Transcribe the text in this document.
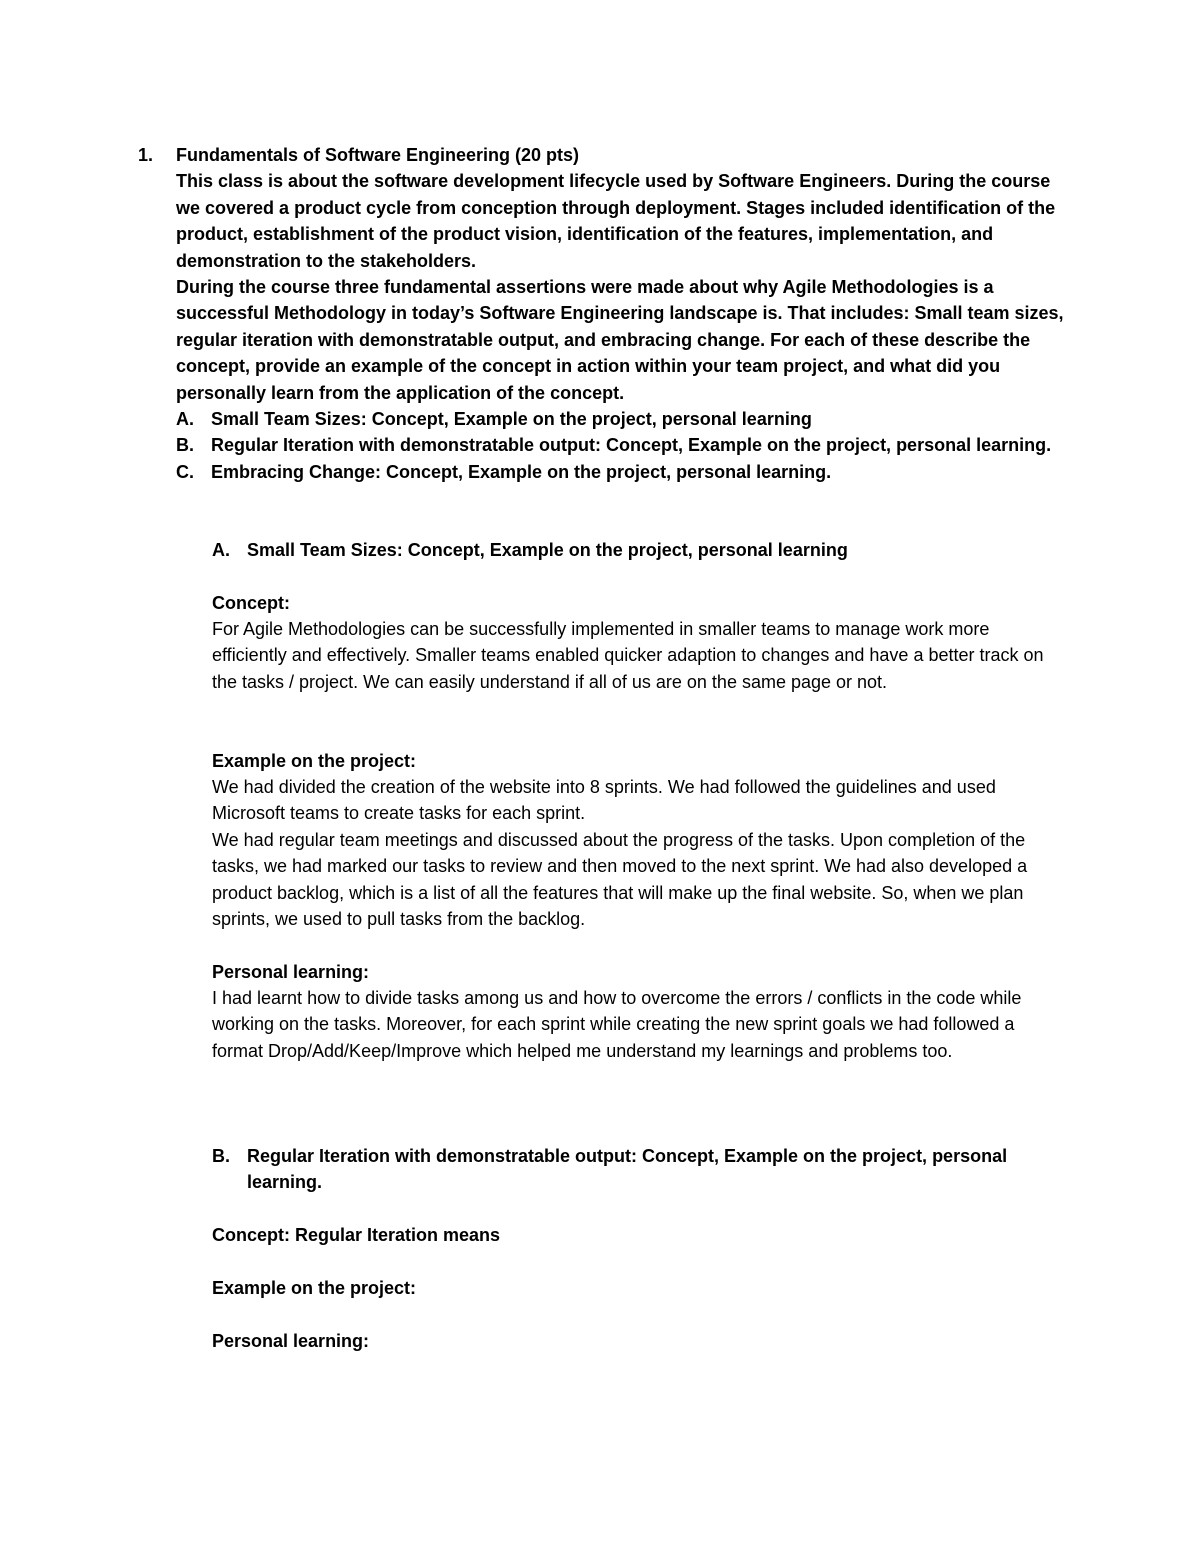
1. Fundamentals of Software Engineering (20 pts)

This class is about the software development lifecycle used by Software Engineers. During the course we covered a product cycle from conception through deployment. Stages included identification of the product, establishment of the product vision, identification of the features, implementation, and demonstration to the stakeholders.

During the course three fundamental assertions were made about why Agile Methodologies is a successful Methodology in today’s Software Engineering landscape is. That includes: Small team sizes, regular iteration with demonstratable output, and embracing change. For each of these describe the concept, provide an example of the concept in action within your team project, and what did you personally learn from the application of the concept.

A. Small Team Sizes: Concept, Example on the project, personal learning
B. Regular Iteration with demonstratable output: Concept, Example on the project, personal learning.
C. Embracing Change: Concept, Example on the project, personal learning.
A. Small Team Sizes: Concept, Example on the project, personal learning

Concept:

For Agile Methodologies can be successfully implemented in smaller teams to manage work more efficiently and effectively. Smaller teams enabled quicker adaption to changes and have a better track on the tasks / project. We can easily understand if all of us are on the same page or not.

Example on the project:

We had divided the creation of the website into 8 sprints. We had followed the guidelines and used Microsoft teams to create tasks for each sprint.

We had regular team meetings and discussed about the progress of the tasks. Upon completion of the tasks, we had marked our tasks to review and then moved to the next sprint. We had also developed a product backlog, which is a list of all the features that will make up the final website. So, when we plan sprints, we used to pull tasks from the backlog.

Personal learning:

I had learnt how to divide tasks among us and how to overcome the errors / conflicts in the code while working on the tasks. Moreover, for each sprint while creating the new sprint goals we had followed a format Drop/Add/Keep/Improve which helped me understand my learnings and problems too.

B. Regular Iteration with demonstratable output: Concept, Example on the project, personal learning.

Concept: Regular Iteration means

Example on the project:

Personal learning:
